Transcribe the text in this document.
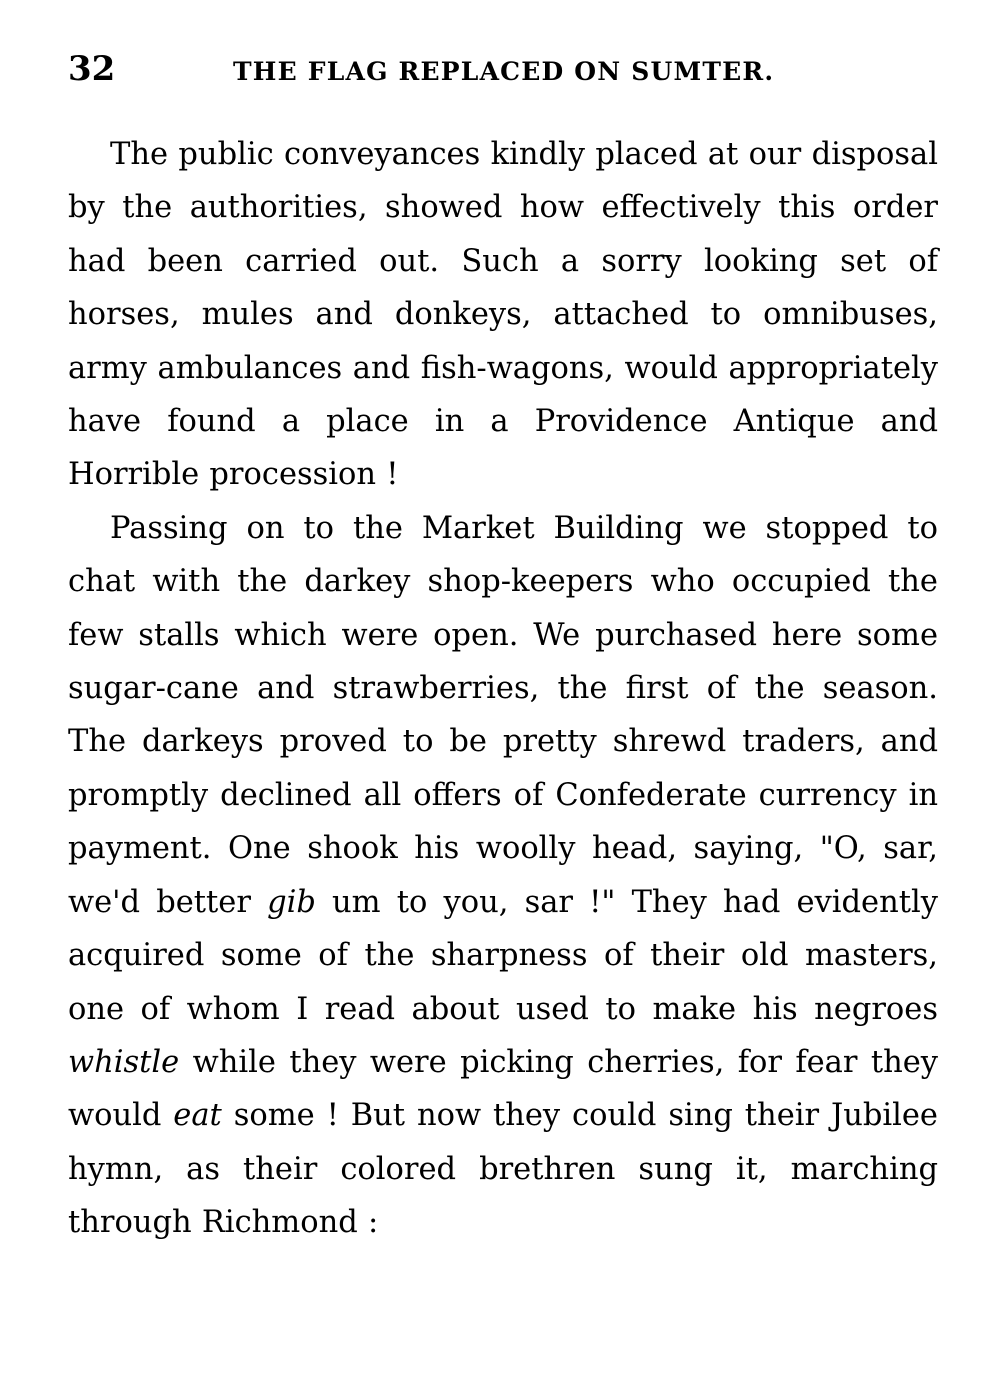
32	THE FLAG REPLACED ON SUMTER.

The public conveyances kindly placed at our disposal by the authorities, showed how effectively this order had been carried out. Such a sorry looking set of horses, mules and donkeys, attached to omnibuses, army ambulances and fish-wagons, would appropriately have found a place in a Providence Antique and Horrible procession !

Passing on to the Market Building we stopped to chat with the darkey shop-keepers who occupied the few stalls which were open. We purchased here some sugar-cane and strawberries, the first of the season. The darkeys proved to be pretty shrewd traders, and promptly declined all offers of Confederate currency in payment. One shook his woolly head, saying, "O, sar, we'd better gib um to you, sar !" They had evidently acquired some of the sharpness of their old masters, one of whom I read about used to make his negroes whistle while they were picking cherries, for fear they would eat some ! But now they could sing their Jubilee hymn, as their colored brethren sung it, marching through Richmond :
